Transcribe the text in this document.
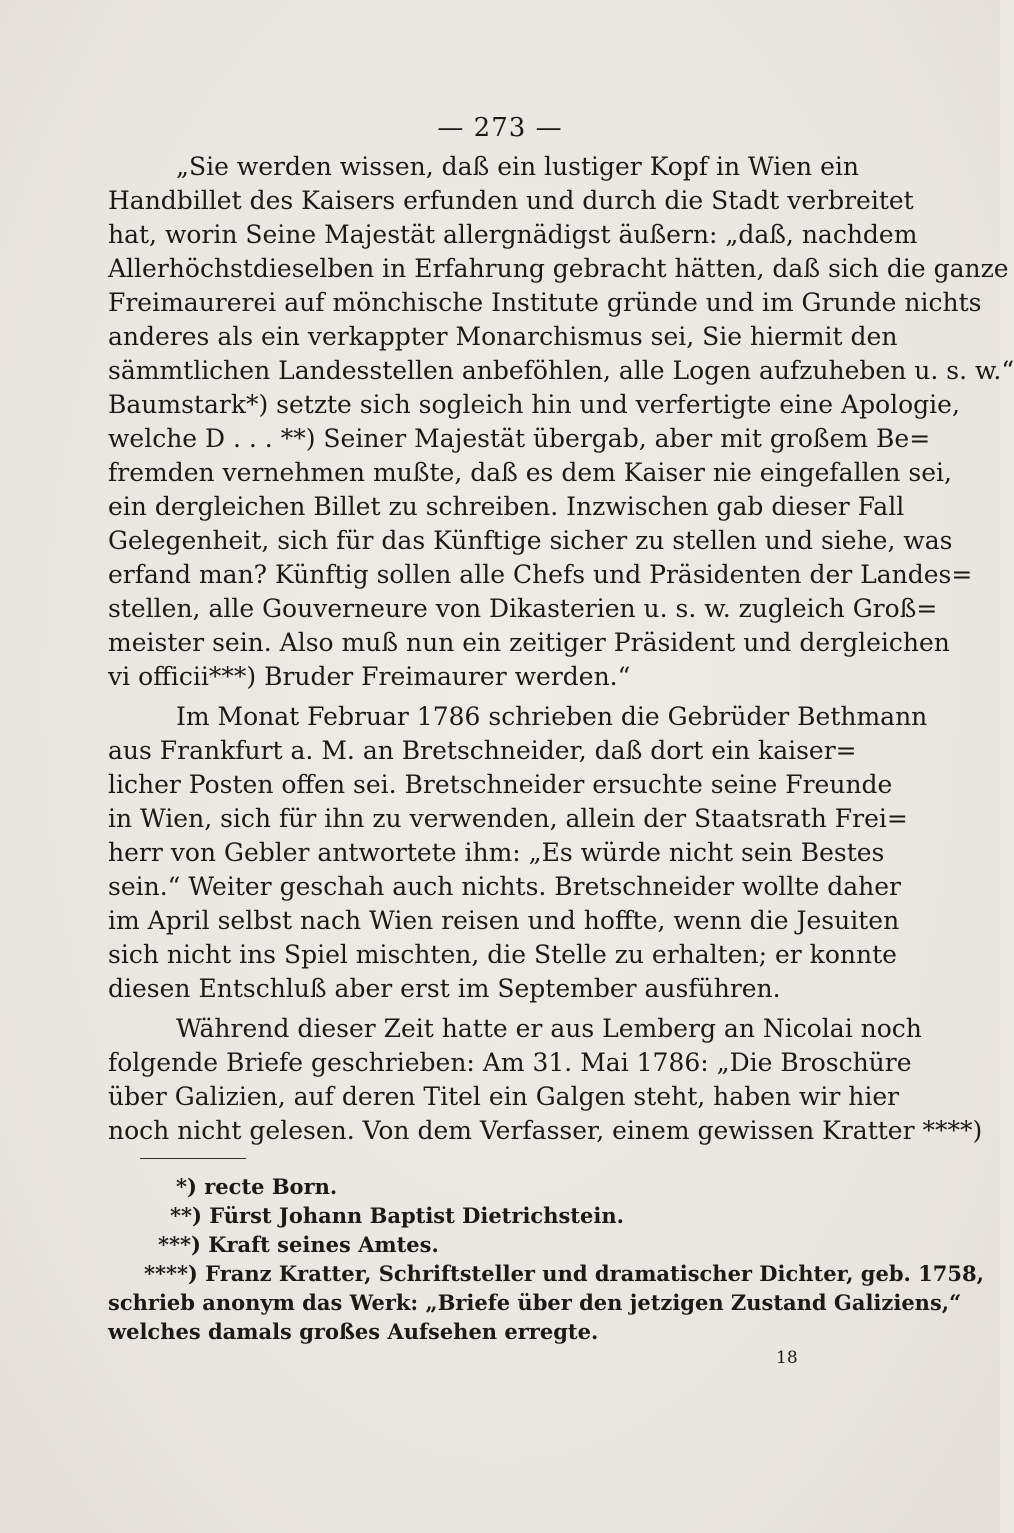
— 273 —
„Sie werden wissen, daß ein lustiger Kopf in Wien ein
Handbillet des Kaisers erfunden und durch die Stadt verbreitet
hat, worin Seine Majestät allergnädigst äußern: „daß, nachdem
Allerhöchstdieselben in Erfahrung gebracht hätten, daß sich die ganze
Freimaurerei auf mönchische Institute gründe und im Grunde nichts
anderes als ein verkappter Monarchismus sei, Sie hiermit den
sämmtlichen Landesstellen anbeföhlen, alle Logen aufzuheben u. s. w.“
Baumstark*) setzte sich sogleich hin und verfertigte eine Apologie,
welche D . . . **) Seiner Majestät übergab, aber mit großem Be=
fremden vernehmen mußte, daß es dem Kaiser nie eingefallen sei,
ein dergleichen Billet zu schreiben. Inzwischen gab dieser Fall
Gelegenheit, sich für das Künftige sicher zu stellen und siehe, was
erfand man? Künftig sollen alle Chefs und Präsidenten der Landes=
stellen, alle Gouverneure von Dikasterien u. s. w. zugleich Groß=
meister sein. Also muß nun ein zeitiger Präsident und dergleichen
vi officii***) Bruder Freimaurer werden.“
Im Monat Februar 1786 schrieben die Gebrüder Bethmann
aus Frankfurt a. M. an Bretschneider, daß dort ein kaiser=
licher Posten offen sei. Bretschneider ersuchte seine Freunde
in Wien, sich für ihn zu verwenden, allein der Staatsrath Frei=
herr von Gebler antwortete ihm: „Es würde nicht sein Bestes
sein.“ Weiter geschah auch nichts. Bretschneider wollte daher
im April selbst nach Wien reisen und hoffte, wenn die Jesuiten
sich nicht ins Spiel mischten, die Stelle zu erhalten; er konnte
diesen Entschluß aber erst im September ausführen.
Während dieser Zeit hatte er aus Lemberg an Nicolai noch
folgende Briefe geschrieben: Am 31. Mai 1786: „Die Broschüre
über Galizien, auf deren Titel ein Galgen steht, haben wir hier
noch nicht gelesen. Von dem Verfasser, einem gewissen Kratter ****)
*) recte Born.
**) Fürst Johann Baptist Dietrichstein.
***) Kraft seines Amtes.
****) Franz Kratter, Schriftsteller und dramatischer Dichter, geb. 1758,
schrieb anonym das Werk: „Briefe über den jetzigen Zustand Galiziens,“
welches damals großes Aufsehen erregte.
18
